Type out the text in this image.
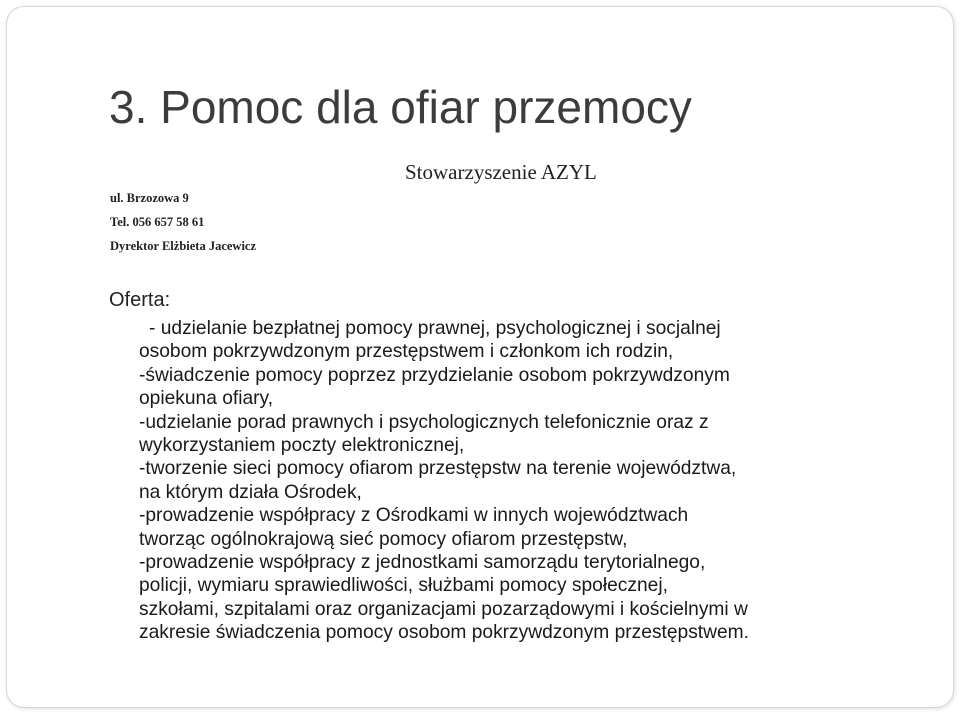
3. Pomoc dla ofiar przemocy
Stowarzyszenie AZYL
ul. Brzozowa 9
Tel. 056 657 58 61
Dyrektor Elżbieta Jacewicz
Oferta:
- udzielanie bezpłatnej pomocy prawnej, psychologicznej i socjalnej
osobom pokrzywdzonym przestępstwem i członkom ich rodzin,
-świadczenie pomocy poprzez przydzielanie osobom pokrzywdzonym
opiekuna ofiary,
-udzielanie porad prawnych i psychologicznych telefonicznie oraz z
wykorzystaniem poczty elektronicznej,
-tworzenie sieci pomocy ofiarom przestępstw na terenie województwa,
na którym działa Ośrodek,
-prowadzenie współpracy z Ośrodkami w innych województwach
tworząc ogólnokrajową sieć pomocy ofiarom przestępstw,
-prowadzenie współpracy z jednostkami samorządu terytorialnego,
policji, wymiaru sprawiedliwości, służbami pomocy społecznej,
szkołami, szpitalami oraz organizacjami pozarządowymi i kościelnymi w
zakresie świadczenia pomocy osobom pokrzywdzonym przestępstwem.
